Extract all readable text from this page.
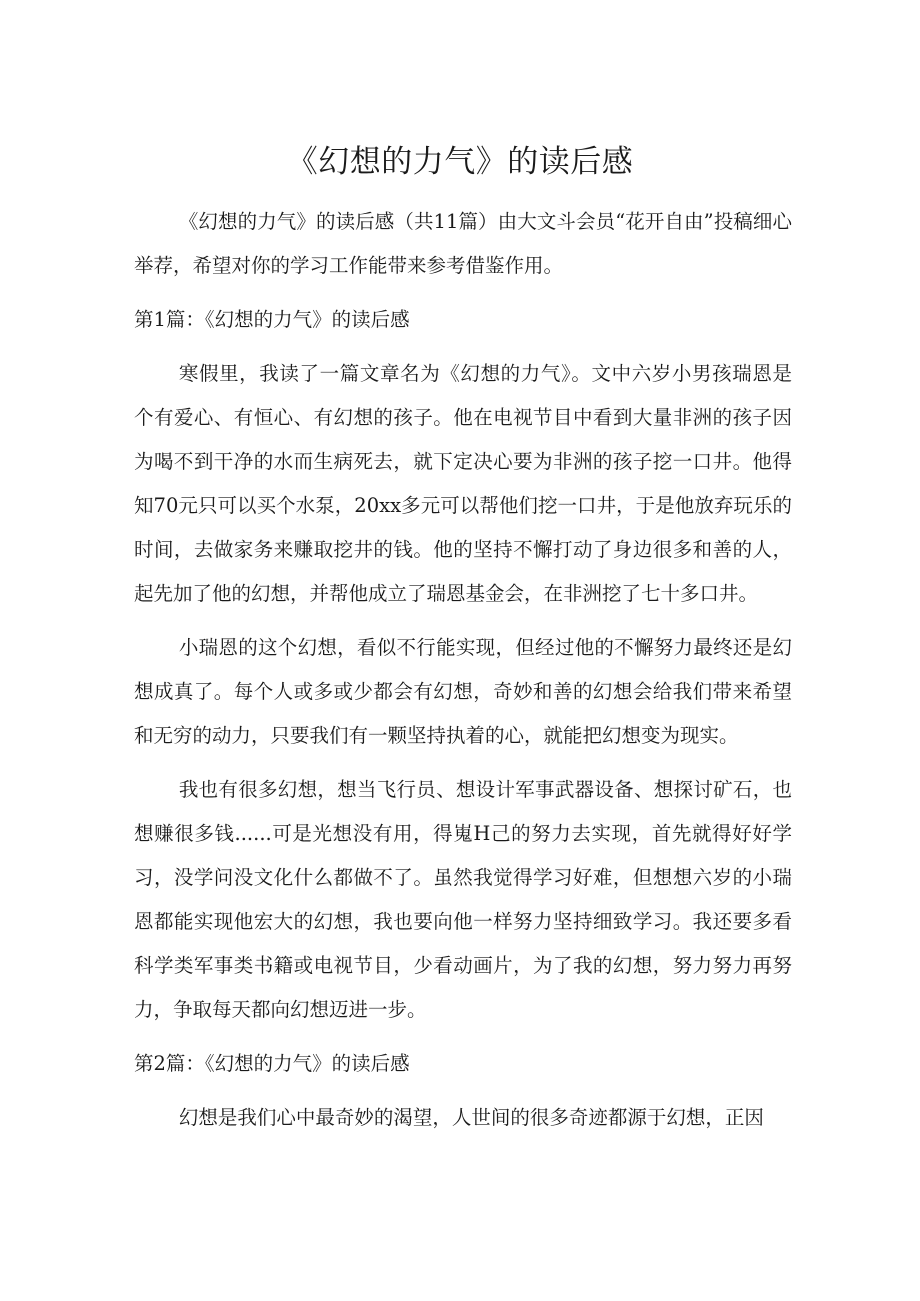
《幻想的力气》的读后感

《幻想的力气》的读后感（共11篇）由大文斗会员“花开自由”投稿细心举荐，希望对你的学习工作能带来参考借鉴作用。

第1篇：《幻想的力气》的读后感

寒假里，我读了一篇文章名为《幻想的力气》。文中六岁小男孩瑞恩是个有爱心、有恒心、有幻想的孩子。他在电视节目中看到大量非洲的孩子因为喝不到干净的水而生病死去，就下定决心要为非洲的孩子挖一口井。他得知70元只可以买个水泵，20xx多元可以帮他们挖一口井，于是他放弃玩乐的时间，去做家务来赚取挖井的钱。他的坚持不懈打动了身边很多和善的人，起先加了他的幻想，并帮他成立了瑞恩基金会，在非洲挖了七十多口井。

小瑞恩的这个幻想，看似不行能实现，但经过他的不懈努力最终还是幻想成真了。每个人或多或少都会有幻想，奇妙和善的幻想会给我们带来希望和无穷的动力，只要我们有一颗坚持执着的心，就能把幻想变为现实。

我也有很多幻想，想当飞行员、想设计军事武器设备、想探讨矿石，也想赚很多钱......可是光想没有用，得嵬H己的努力去实现，首先就得好好学习，没学问没文化什么都做不了。虽然我觉得学习好难，但想想六岁的小瑞恩都能实现他宏大的幻想，我也要向他一样努力坚持细致学习。我还要多看科学类军事类书籍或电视节目，少看动画片，为了我的幻想，努力努力再努力，争取每天都向幻想迈进一步。

第2篇：《幻想的力气》的读后感

幻想是我们心中最奇妙的渴望，人世间的很多奇迹都源于幻想，正因
